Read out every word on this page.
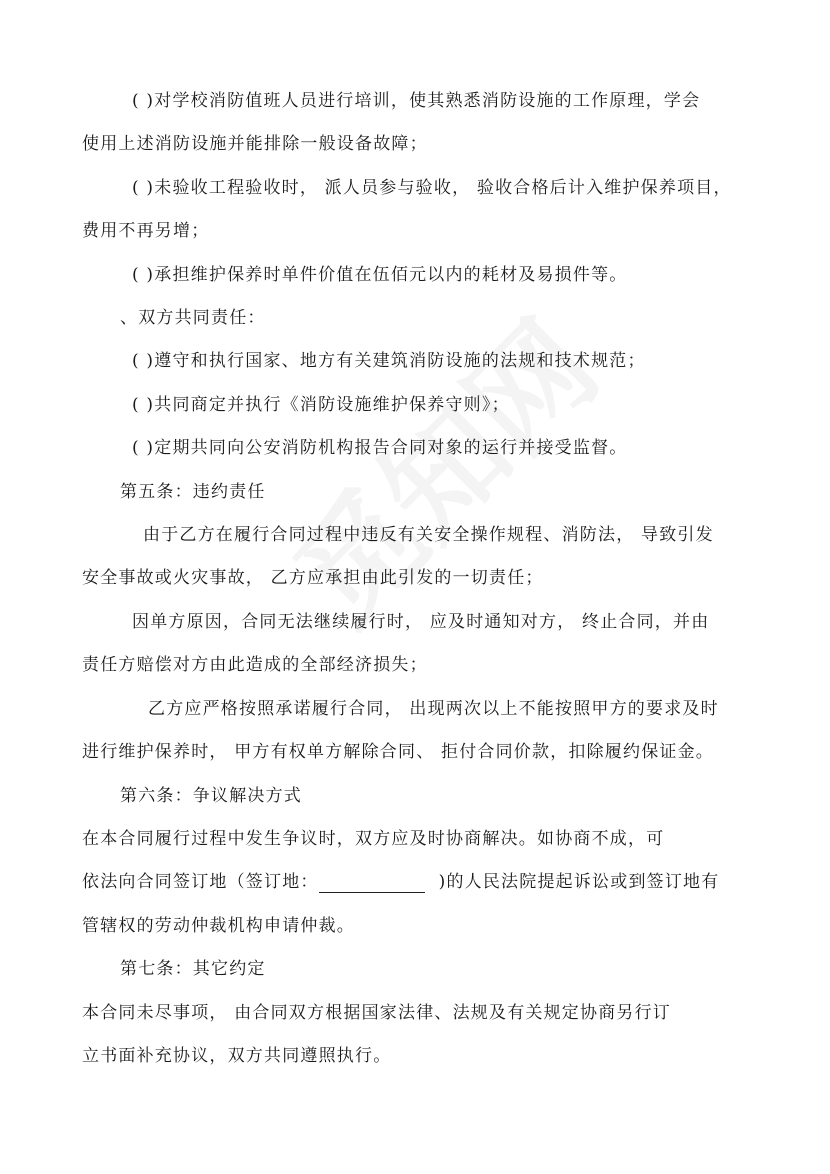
( )对学校消防值班人员进行培训，使其熟悉消防设施的工作原理，学会

使用上述消防设施并能排除一般设备故障；

( )未验收工程验收时， 派人员参与验收， 验收合格后计入维护保养项目，

费用不再另增；

( )承担维护保养时单件价值在伍佰元以内的耗材及易损件等。

、双方共同责任：

( )遵守和执行国家、地方有关建筑消防设施的法规和技术规范；

( )共同商定并执行《消防设施维护保养守则》；

( )定期共同向公安消防机构报告合同对象的运行并接受监督。

第五条：违约责任

由于乙方在履行合同过程中违反有关安全操作规程、消防法， 导致引发

安全事故或火灾事故， 乙方应承担由此引发的一切责任；

因单方原因，合同无法继续履行时， 应及时通知对方， 终止合同，并由

责任方赔偿对方由此造成的全部经济损失；

乙方应严格按照承诺履行合同， 出现两次以上不能按照甲方的要求及时

进行维护保养时， 甲方有权单方解除合同、 拒付合同价款，扣除履约保证金。

第六条：争议解决方式

在本合同履行过程中发生争议时，双方应及时协商解决。如协商不成，可

依法向合同签订地（签订地：	)的人民法院提起诉讼或到签订地有

管辖权的劳动仲裁机构申请仲裁。

第七条：其它约定

本合同未尽事项， 由合同双方根据国家法律、法规及有关规定协商另行订

立书面补充协议，双方共同遵照执行。
